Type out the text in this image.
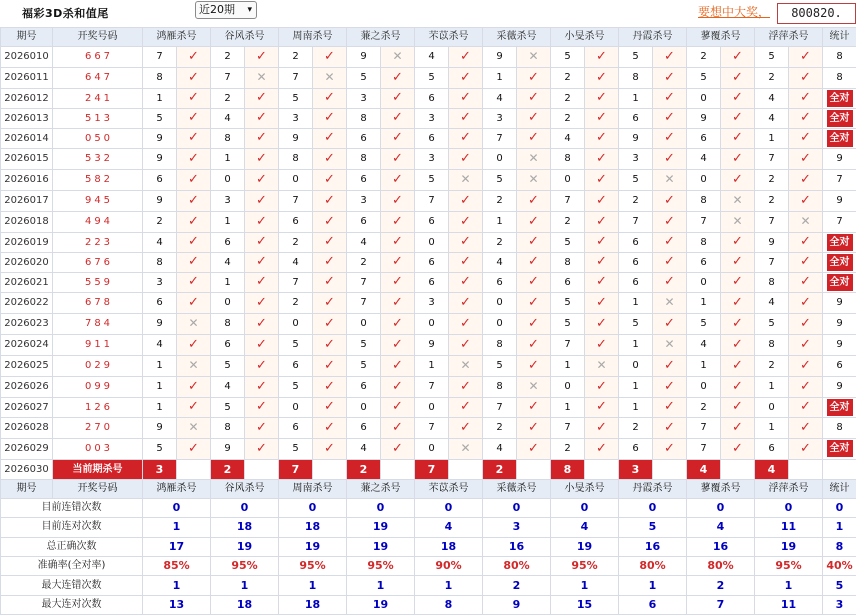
福彩3D杀和值尾	近20期 ▾	要想中大奖，	800820.
期号	开奖号码	鸿雁杀号		谷风杀号		周南杀号		蒹之杀号		芣苡杀号		采薇杀号		小旻杀号		丹霞杀号		蓼覆杀号		浮萍杀号		统计
2026010	667	7	✓	2	✓	2	✓	9	✕	4	✓	9	✕	5	✓	5	✓	2	✓	5	✓	8
2026011	647	8	✓	7	✕	7	✕	5	✓	5	✓	1	✓	2	✓	8	✓	5	✓	2	✓	8
2026012	241	1	✓	2	✓	5	✓	3	✓	6	✓	4	✓	2	✓	1	✓	0	✓	4	✓	全对
2026013	513	5	✓	4	✓	3	✓	8	✓	3	✓	3	✓	2	✓	6	✓	9	✓	4	✓	全对
2026014	050	9	✓	8	✓	9	✓	6	✓	6	✓	7	✓	4	✓	9	✓	6	✓	1	✓	全对
2026015	532	9	✓	1	✓	8	✓	8	✓	3	✓	0	✕	8	✓	3	✓	4	✓	7	✓	9
2026016	582	6	✓	0	✓	0	✓	6	✓	5	✕	5	✕	0	✓	5	✕	0	✓	2	✓	7
2026017	945	9	✓	3	✓	7	✓	3	✓	7	✓	2	✓	7	✓	2	✓	8	✕	2	✓	9
2026018	494	2	✓	1	✓	6	✓	6	✓	6	✓	1	✓	2	✓	7	✓	7	✕	7	✕	7
2026019	223	4	✓	6	✓	2	✓	4	✓	0	✓	2	✓	5	✓	6	✓	8	✓	9	✓	全对
2026020	676	8	✓	4	✓	4	✓	2	✓	6	✓	4	✓	8	✓	6	✓	6	✓	7	✓	全对
2026021	559	3	✓	1	✓	7	✓	7	✓	6	✓	6	✓	6	✓	6	✓	0	✓	8	✓	全对
2026022	678	6	✓	0	✓	2	✓	7	✓	3	✓	0	✓	5	✓	1	✕	1	✓	4	✓	9
2026023	784	9	✕	8	✓	0	✓	0	✓	0	✓	0	✓	5	✓	5	✓	5	✓	5	✓	9
2026024	911	4	✓	6	✓	5	✓	5	✓	9	✓	8	✓	7	✓	1	✕	4	✓	8	✓	9
2026025	029	1	✕	5	✓	6	✓	5	✓	1	✕	5	✓	1	✕	0	✓	1	✓	2	✓	6
2026026	099	1	✓	4	✓	5	✓	6	✓	7	✓	8	✕	0	✓	1	✓	0	✓	1	✓	9
2026027	126	1	✓	5	✓	0	✓	0	✓	0	✓	7	✓	1	✓	1	✓	2	✓	0	✓	全对
2026028	270	9	✕	8	✓	6	✓	6	✓	7	✓	2	✓	7	✓	2	✓	7	✓	1	✓	8
2026029	003	5	✓	9	✓	5	✓	4	✓	0	✕	4	✓	2	✓	6	✓	7	✓	6	✓	全对
2026030	当前期杀号	3		2		7		2		7		2		8		3		4		4		
期号	开奖号码	鸿雁杀号		谷风杀号		周南杀号		蒹之杀号		芣苡杀号		采薇杀号		小旻杀号		丹霞杀号		蓼覆杀号		浮萍杀号		统计
目前连错次数		0		0		0		0		0		0		0		0		0		0		0
目前连对次数		1		18		18		19		4		3		4		5		4		11		1
总正确次数		17		19		19		19		18		16		19		16		16		19		8
准确率(全对率)		85%		95%		95%		95%		90%		80%		95%		80%		80%		95%		40%
最大连错次数		1		1		1		1		1		2		1		1		2		1		5
最大连对次数		13		18		18		19		8		9		15		6		7		11		3
